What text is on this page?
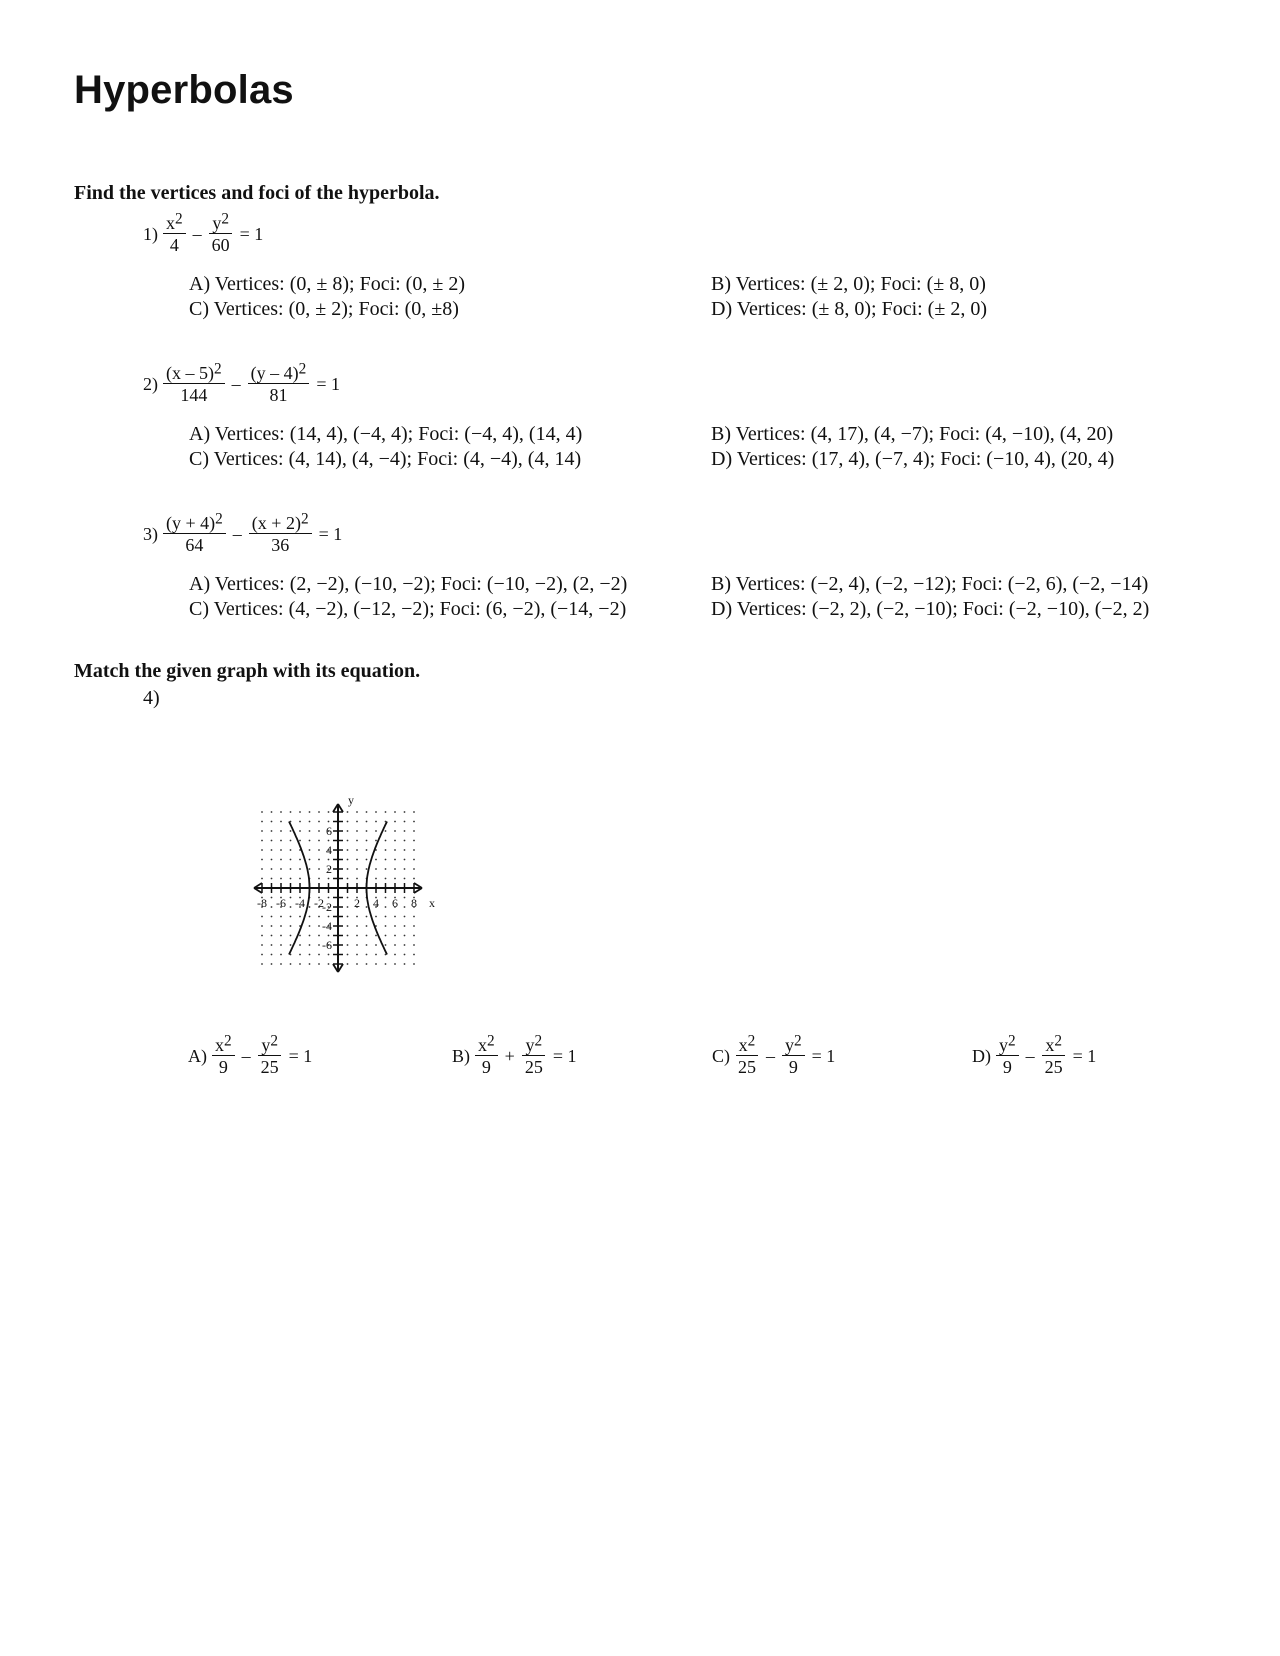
Hyperbolas
Find the vertices and foci of the hyperbola.
$1) \frac{x^2}{4} - \frac{y^2}{60} = 1$
A) Vertices: (0, ± 8); Foci: (0, ± 2)	B) Vertices: (± 2, 0); Foci: (± 8, 0)
C) Vertices: (0, ± 2); Foci: (0, ±8)	D) Vertices: (± 8, 0); Foci: (± 2, 0)
$2) \frac{(x - 5)^2}{144} - \frac{(y - 4)^2}{81} = 1$
A) Vertices: (14, 4), (−4, 4); Foci: (−4, 4), (14, 4)	B) Vertices: (4, 17), (4, −7); Foci: (4, −10), (4, 20)
C) Vertices: (4, 14), (4, −4); Foci: (4, −4), (4, 14)	D) Vertices: (17, 4), (−7, 4); Foci: (−10, 4), (20, 4)
$3) \frac{(y + 4)^2}{64} - \frac{(x + 2)^2}{36} = 1$
A) Vertices: (2, −2), (−10, −2); Foci: (−10, −2), (2, −2)	B) Vertices: (−2, 4), (−2, −12); Foci: (−2, 6), (−2, −14)
C) Vertices: (4, −2), (−12, −2); Foci: (6, −2), (−14, −2)	D) Vertices: (−2, 2), (−2, −10); Foci: (−2, −10), (−2, 2)
Match the given graph with its equation.
4)
-8 -6 -4 -2	2 4 6 8
6
4
2
-2
-4
-6
x
y
$A) \frac{x^2}{9} - \frac{y^2}{25} = 1$	$B) \frac{x^2}{9} + \frac{y^2}{25} = 1$	$C) \frac{x^2}{25} - \frac{y^2}{9} = 1$	$D) \frac{y^2}{9} - \frac{x^2}{25} = 1$
